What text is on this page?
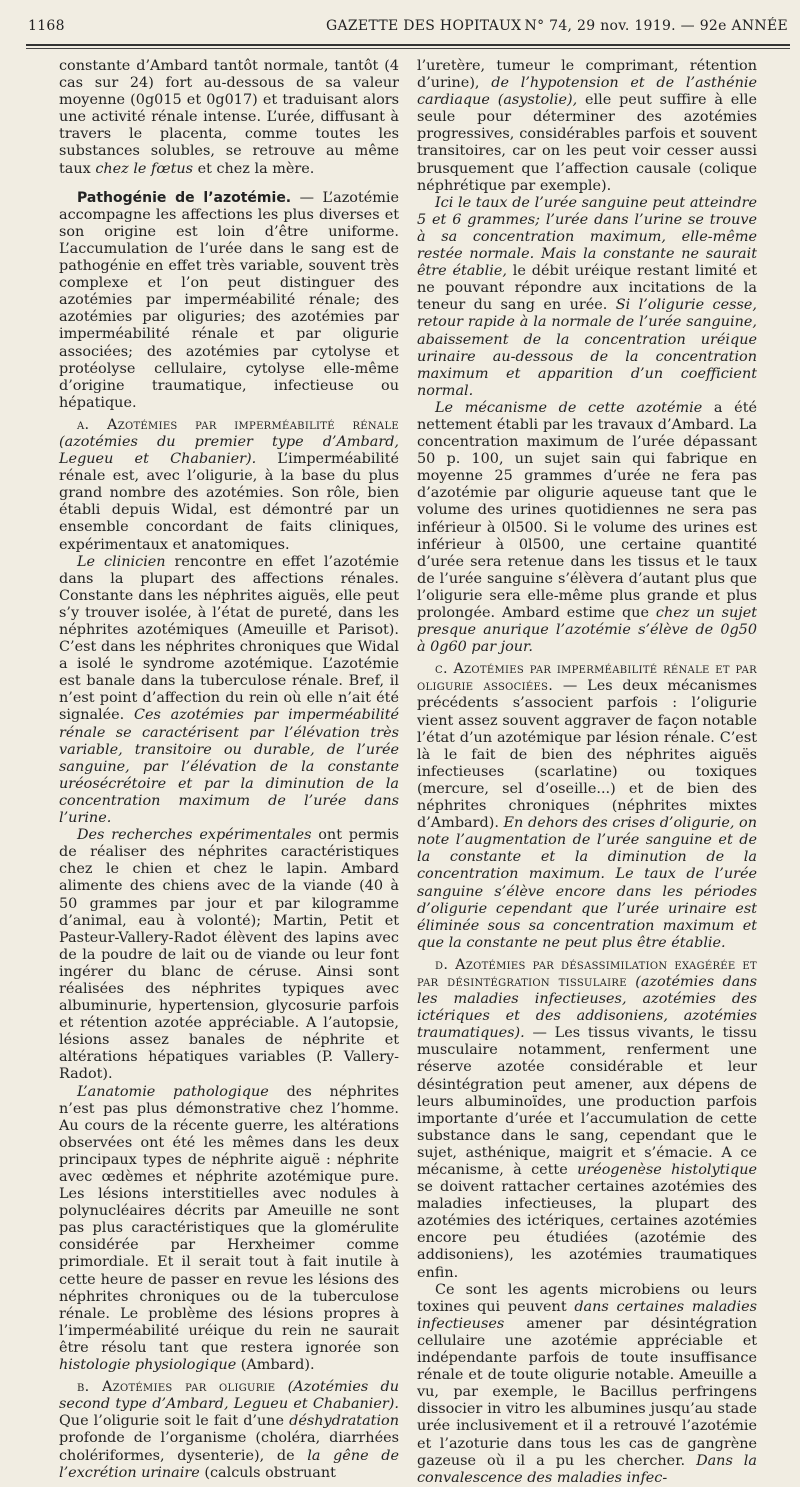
1168	GAZETTE DES HOPITAUX N° 74, 29 nov. 1919. — 92e ANNÉE

constante d’Ambard tantôt normale, tantôt (4 cas sur 24) fort au-dessous de sa valeur moyenne (0g015 et 0g017) et traduisant alors une activité rénale intense. L’urée, diffusant à travers le placenta, comme toutes les substances solubles, se retrouve au même taux chez le fœtus et chez la mère.

Pathogénie de l’azotémie. — L’azotémie accompagne les affections les plus diverses et son origine est loin d’être uniforme. L’accumulation de l’urée dans le sang est de pathogénie en effet très variable, souvent très complexe et l’on peut distinguer des azotémies par imperméabilité rénale; des azotémies par oliguries; des azotémies par imperméabilité rénale et par oligurie associées; des azotémies par cytolyse et protéolyse cellulaire, cytolyse elle-même d’origine traumatique, infectieuse ou hépatique.

a. Azotémies par imperméabilité rénale (azotémies du premier type d’Ambard, Legueu et Chabanier). L’imperméabilité rénale est, avec l’oligurie, à la base du plus grand nombre des azotémies. Son rôle, bien établi depuis Widal, est démontré par un ensemble concordant de faits cliniques, expérimentaux et anatomiques.

Le clinicien rencontre en effet l’azotémie dans la plupart des affections rénales. Constante dans les néphrites aiguës, elle peut s’y trouver isolée, à l’état de pureté, dans les néphrites azotémiques (Ameuille et Parisot). C’est dans les néphrites chroniques que Widal a isolé le syndrome azotémique. L’azotémie est banale dans la tuberculose rénale. Bref, il n’est point d’affection du rein où elle n’ait été signalée. Ces azotémies par imperméabilité rénale se caractérisent par l’élévation très variable, transitoire ou durable, de l’urée sanguine, par l’élévation de la constante uréosécrétoire et par la diminution de la concentration maximum de l’urée dans l’urine.

Des recherches expérimentales ont permis de réaliser des néphrites caractéristiques chez le chien et chez le lapin. Ambard alimente des chiens avec de la viande (40 à 50 grammes par jour et par kilogramme d’animal, eau à volonté); Martin, Petit et Pasteur-Vallery-Radot élèvent des lapins avec de la poudre de lait ou de viande ou leur font ingérer du blanc de céruse. Ainsi sont réalisées des néphrites typiques avec albuminurie, hypertension, glycosurie parfois et rétention azotée appréciable. A l’autopsie, lésions assez banales de néphrite et altérations hépatiques variables (P. Vallery-Radot).

L’anatomie pathologique des néphrites n’est pas plus démonstrative chez l’homme. Au cours de la récente guerre, les altérations observées ont été les mêmes dans les deux principaux types de néphrite aiguë : néphrite avec œdèmes et néphrite azotémique pure. Les lésions interstitielles avec nodules à polynucléaires décrits par Ameuille ne sont pas plus caractéristiques que la glomérulite considérée par Herxheimer comme primordiale. Et il serait tout à fait inutile à cette heure de passer en revue les lésions des néphrites chroniques ou de la tuberculose rénale. Le problème des lésions propres à l’imperméabilité uréique du rein ne saurait être résolu tant que restera ignorée son histologie physiologique (Ambard).

b. Azotémies par oligurie (Azotémies du second type d’Ambard, Legueu et Chabanier). Que l’oligurie soit le fait d’une déshydratation profonde de l’organisme (choléra, diarrhées cholériformes, dysenterie), de la gêne de l’excrétion urinaire (calculs obstruant

l’uretère, tumeur le comprimant, rétention d’urine), de l’hypotension et de l’asthénie cardiaque (asystolie), elle peut suffire à elle seule pour déterminer des azotémies progressives, considérables parfois et souvent transitoires, car on les peut voir cesser aussi brusquement que l’affection causale (colique néphrétique par exemple).

Ici le taux de l’urée sanguine peut atteindre 5 et 6 grammes; l’urée dans l’urine se trouve à sa concentration maximum, elle-même restée normale. Mais la constante ne saurait être établie, le débit uréique restant limité et ne pouvant répondre aux incitations de la teneur du sang en urée. Si l’oligurie cesse, retour rapide à la normale de l’urée sanguine, abaissement de la concentration uréique urinaire au-dessous de la concentration maximum et apparition d’un coefficient normal.

Le mécanisme de cette azotémie a été nettement établi par les travaux d’Ambard. La concentration maximum de l’urée dépassant 50 p. 100, un sujet sain qui fabrique en moyenne 25 grammes d’urée ne fera pas d’azotémie par oligurie aqueuse tant que le volume des urines quotidiennes ne sera pas inférieur à 0l500. Si le volume des urines est inférieur à 0l500, une certaine quantité d’urée sera retenue dans les tissus et le taux de l’urée sanguine s’élèvera d’autant plus que l’oligurie sera elle-même plus grande et plus prolongée. Ambard estime que chez un sujet presque anurique l’azotémie s’élève de 0g50 à 0g60 par jour.

c. Azotémies par imperméabilité rénale et par oligurie associées. — Les deux mécanismes précédents s’associent parfois : l’oligurie vient assez souvent aggraver de façon notable l’état d’un azotémique par lésion rénale. C’est là le fait de bien des néphrites aiguës infectieuses (scarlatine) ou toxiques (mercure, sel d’oseille...) et de bien des néphrites chroniques (néphrites mixtes d’Ambard). En dehors des crises d’oligurie, on note l’augmentation de l’urée sanguine et de la constante et la diminution de la concentration maximum. Le taux de l’urée sanguine s’élève encore dans les périodes d’oligurie cependant que l’urée urinaire est éliminée sous sa concentration maximum et que la constante ne peut plus être établie.

d. Azotémies par désassimilation exagérée et par désintégration tissulaire (azotémies dans les maladies infectieuses, azotémies des ictériques et des addisoniens, azotémies traumatiques). — Les tissus vivants, le tissu musculaire notamment, renferment une réserve azotée considérable et leur désintégration peut amener, aux dépens de leurs albuminoïdes, une production parfois importante d’urée et l’accumulation de cette substance dans le sang, cependant que le sujet, asthénique, maigrit et s’émacie. A ce mécanisme, à cette uréogenèse histolytique se doivent rattacher certaines azotémies des maladies infectieuses, la plupart des azotémies des ictériques, certaines azotémies encore peu étudiées (azotémie des addisoniens), les azotémies traumatiques enfin.

Ce sont les agents microbiens ou leurs toxines qui peuvent dans certaines maladies infectieuses amener par désintégration cellulaire une azotémie appréciable et indépendante parfois de toute insuffisance rénale et de toute oligurie notable. Ameuille a vu, par exemple, le Bacillus perfringens dissocier in vitro les albumines jusqu’au stade urée inclusivement et il a retrouvé l’azotémie et l’azoturie dans tous les cas de gangrène gazeuse où il a pu les chercher. Dans la convalescence des maladies infec-
